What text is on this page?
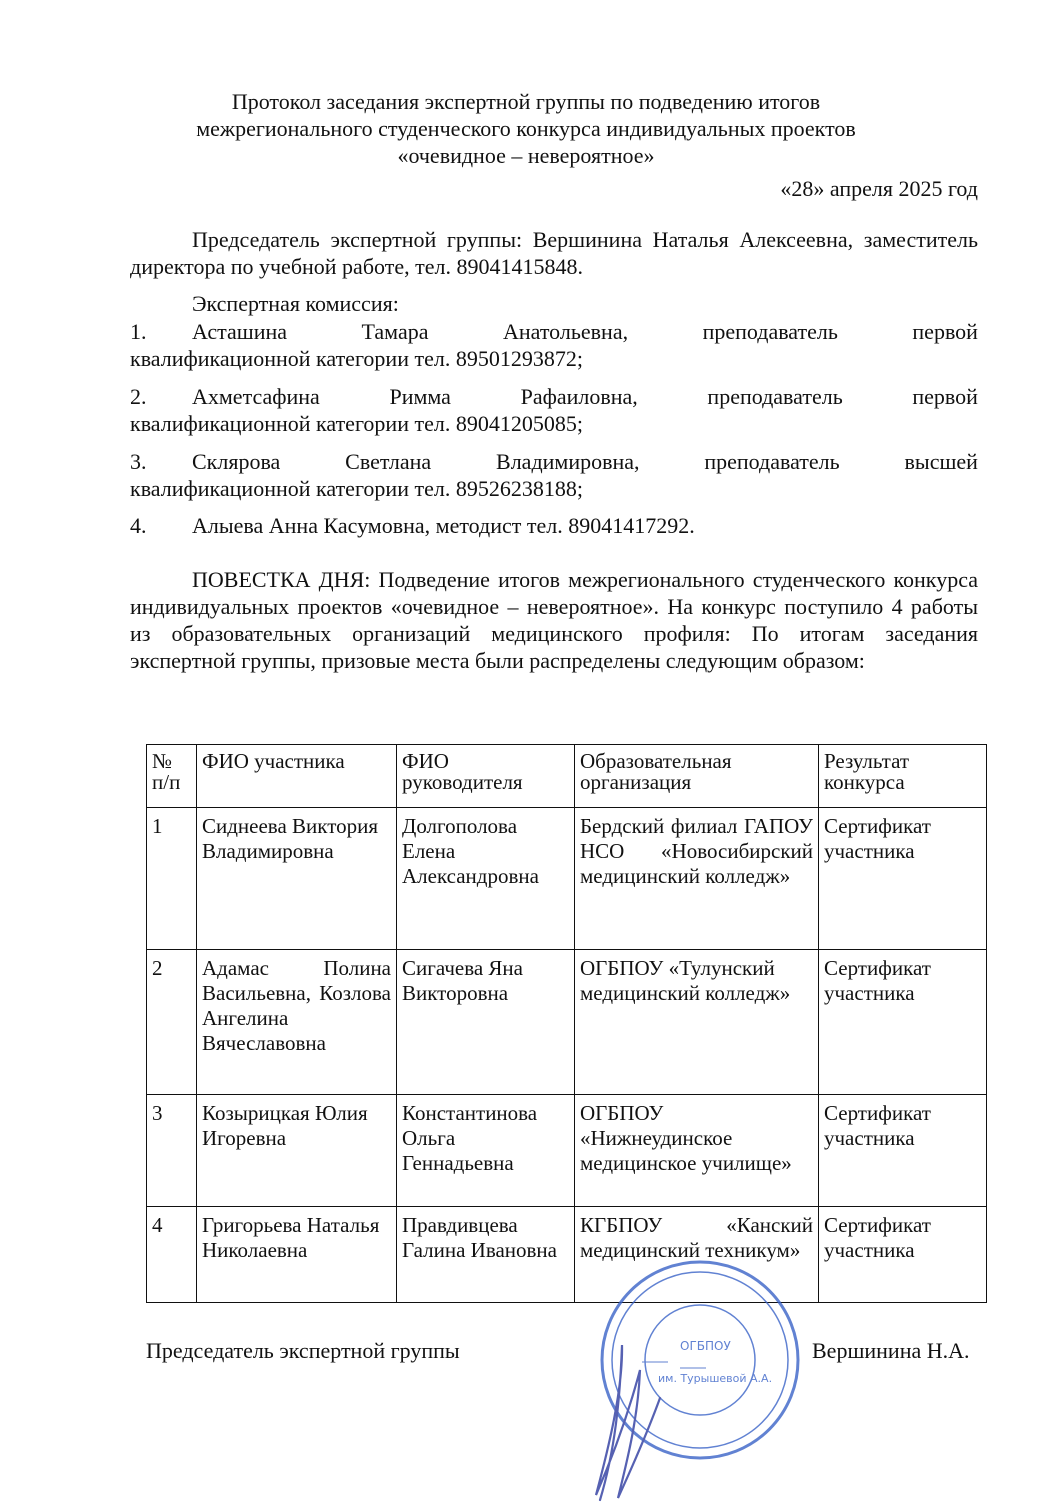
Протокол заседания экспертной группы по подведению итогов
межрегионального студенческого конкурса индивидуальных проектов
«очевидное – невероятное»
«28» апреля 2025 год
Председатель экспертной группы: Вершинина Наталья Алексеевна, заместитель директора по учебной работе, тел. 89041415848.
Экспертная комиссия:
1. Асташина	Тамара	Анатольевна,	преподаватель	первой
квалификационной категории тел. 89501293872;
2. Ахметсафина	Римма	Рафаиловна,	преподаватель	первой
квалификационной категории тел. 89041205085;
3. Склярова	Светлана	Владимировна,	преподаватель	высшей
квалификационной категории тел. 89526238188;
4. Алыева Анна Касумовна, методист тел. 89041417292.
ПОВЕСТКА ДНЯ: Подведение итогов межрегионального студенческого конкурса индивидуальных проектов «очевидное – невероятное». На конкурс поступило 4 работы из образовательных организаций медицинского профиля: По итогам заседания экспертной группы, призовые места были распределены следующим образом:
№ п/п	ФИО участника	ФИО руководителя	Образовательная организация	Результат конкурса
1	Сиднеева Виктория Владимировна	Долгополова Елена Александровна	Бердский филиал ГАПОУ НСО «Новосибирский медицинский колледж»	Сертификат участника
2	Адамас Полина Васильевна, Козлова Ангелина Вячеславовна	Сигачева Яна Викторовна	ОГБПОУ «Тулунский медицинский колледж»	Сертификат участника
3	Козырицкая Юлия Игоревна	Константинова Ольга Геннадьевна	ОГБПОУ «Нижнеудинское медицинское училище»	Сертификат участника
4	Григорьева Наталья Николаевна	Правдивцева Галина Ивановна	КГБПОУ «Канский медицинский техникум»	Сертификат участника
ОГБПОУ
им. Турышевой А.А.
Председатель экспертной группы	Вершинина Н.А.
